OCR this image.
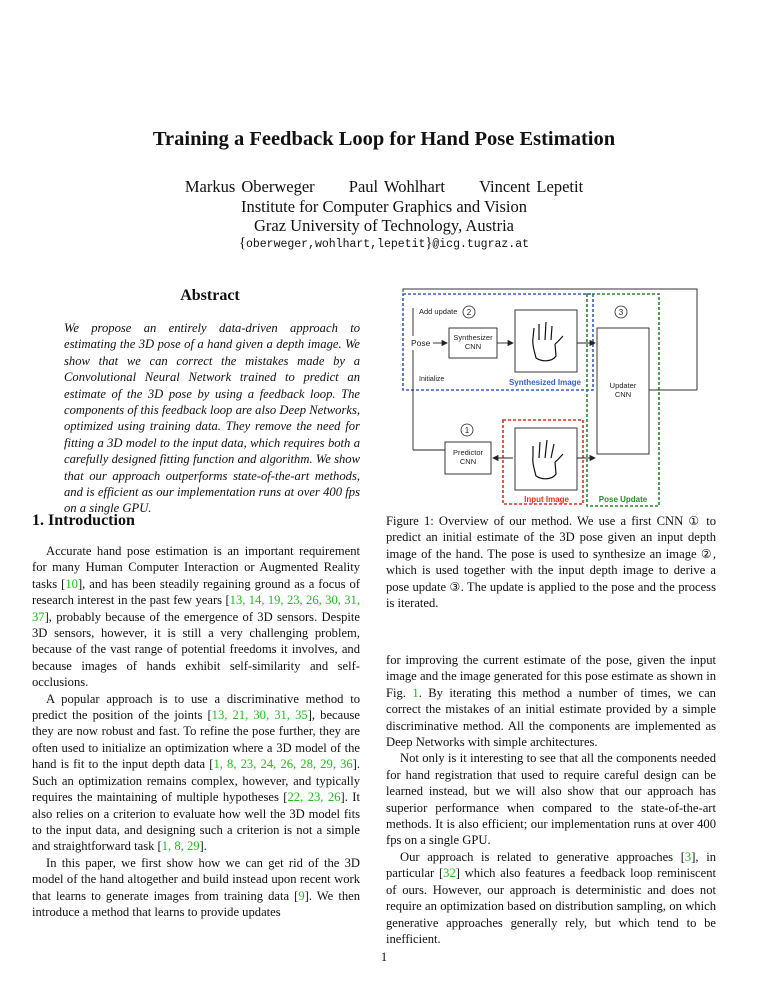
Training a Feedback Loop for Hand Pose Estimation
Markus Oberweger Paul Wohlhart Vincent Lepetit
Institute for Computer Graphics and Vision
Graz University of Technology, Austria
{oberweger,wohlhart,lepetit}@icg.tugraz.at
Abstract
We propose an entirely data-driven approach to estimating the 3D pose of a hand given a depth image. We show that we can correct the mistakes made by a Convolutional Neural Network trained to predict an estimate of the 3D pose by using a feedback loop. The components of this feedback loop are also Deep Networks, optimized using training data. They remove the need for fitting a 3D model to the input data, which requires both a carefully designed fitting function and algorithm. We show that our approach outperforms state-of-the-art methods, and is efficient as our implementation runs at over 400 fps on a single GPU.
1. Introduction

Accurate hand pose estimation is an important requirement for many Human Computer Interaction or Augmented Reality tasks [10], and has been steadily regaining ground as a focus of research interest in the past few years [13, 14, 19, 23, 26, 30, 31, 37], probably because of the emergence of 3D sensors. Despite 3D sensors, however, it is still a very challenging problem, because of the vast range of potential freedoms it involves, and because images of hands exhibit self-similarity and self-occlusions.

A popular approach is to use a discriminative method to predict the position of the joints [13, 21, 30, 31, 35], because they are now robust and fast. To refine the pose further, they are often used to initialize an optimization where a 3D model of the hand is fit to the input depth data [1, 8, 23, 24, 26, 28, 29, 36]. Such an optimization remains complex, however, and typically requires the maintaining of multiple hypotheses [22, 23, 26]. It also relies on a criterion to evaluate how well the 3D model fits to the input data, and designing such a criterion is not a simple and straightforward task [1, 8, 29].

In this paper, we first show how we can get rid of the 3D model of the hand altogether and build instead upon recent work that learns to generate images from training data [9]. We then introduce a method that learns to provide updates

Add update 2	3
Pose
Synthesizer
CNN
Synthesized Image
Initialize
Updater
CNN
1
Predictor
CNN
Input Image	Pose Update
Figure 1: Overview of our method. We use a first CNN ① to predict an initial estimate of the 3D pose given an input depth image of the hand. The pose is used to synthesize an image ②, which is used together with the input depth image to derive a pose update ③. The update is applied to the pose and the process is iterated.

for improving the current estimate of the pose, given the input image and the image generated for this pose estimate as shown in Fig. 1. By iterating this method a number of times, we can correct the mistakes of an initial estimate provided by a simple discriminative method. All the components are implemented as Deep Networks with simple architectures.

Not only is it interesting to see that all the components needed for hand registration that used to require careful design can be learned instead, but we will also show that our approach has superior performance when compared to the state-of-the-art methods. It is also efficient; our implementation runs at over 400 fps on a single GPU.

Our approach is related to generative approaches [3], in particular [32] which also features a feedback loop reminiscent of ours. However, our approach is deterministic and does not require an optimization based on distribution sampling, on which generative approaches generally rely, but which tend to be inefficient.

1
